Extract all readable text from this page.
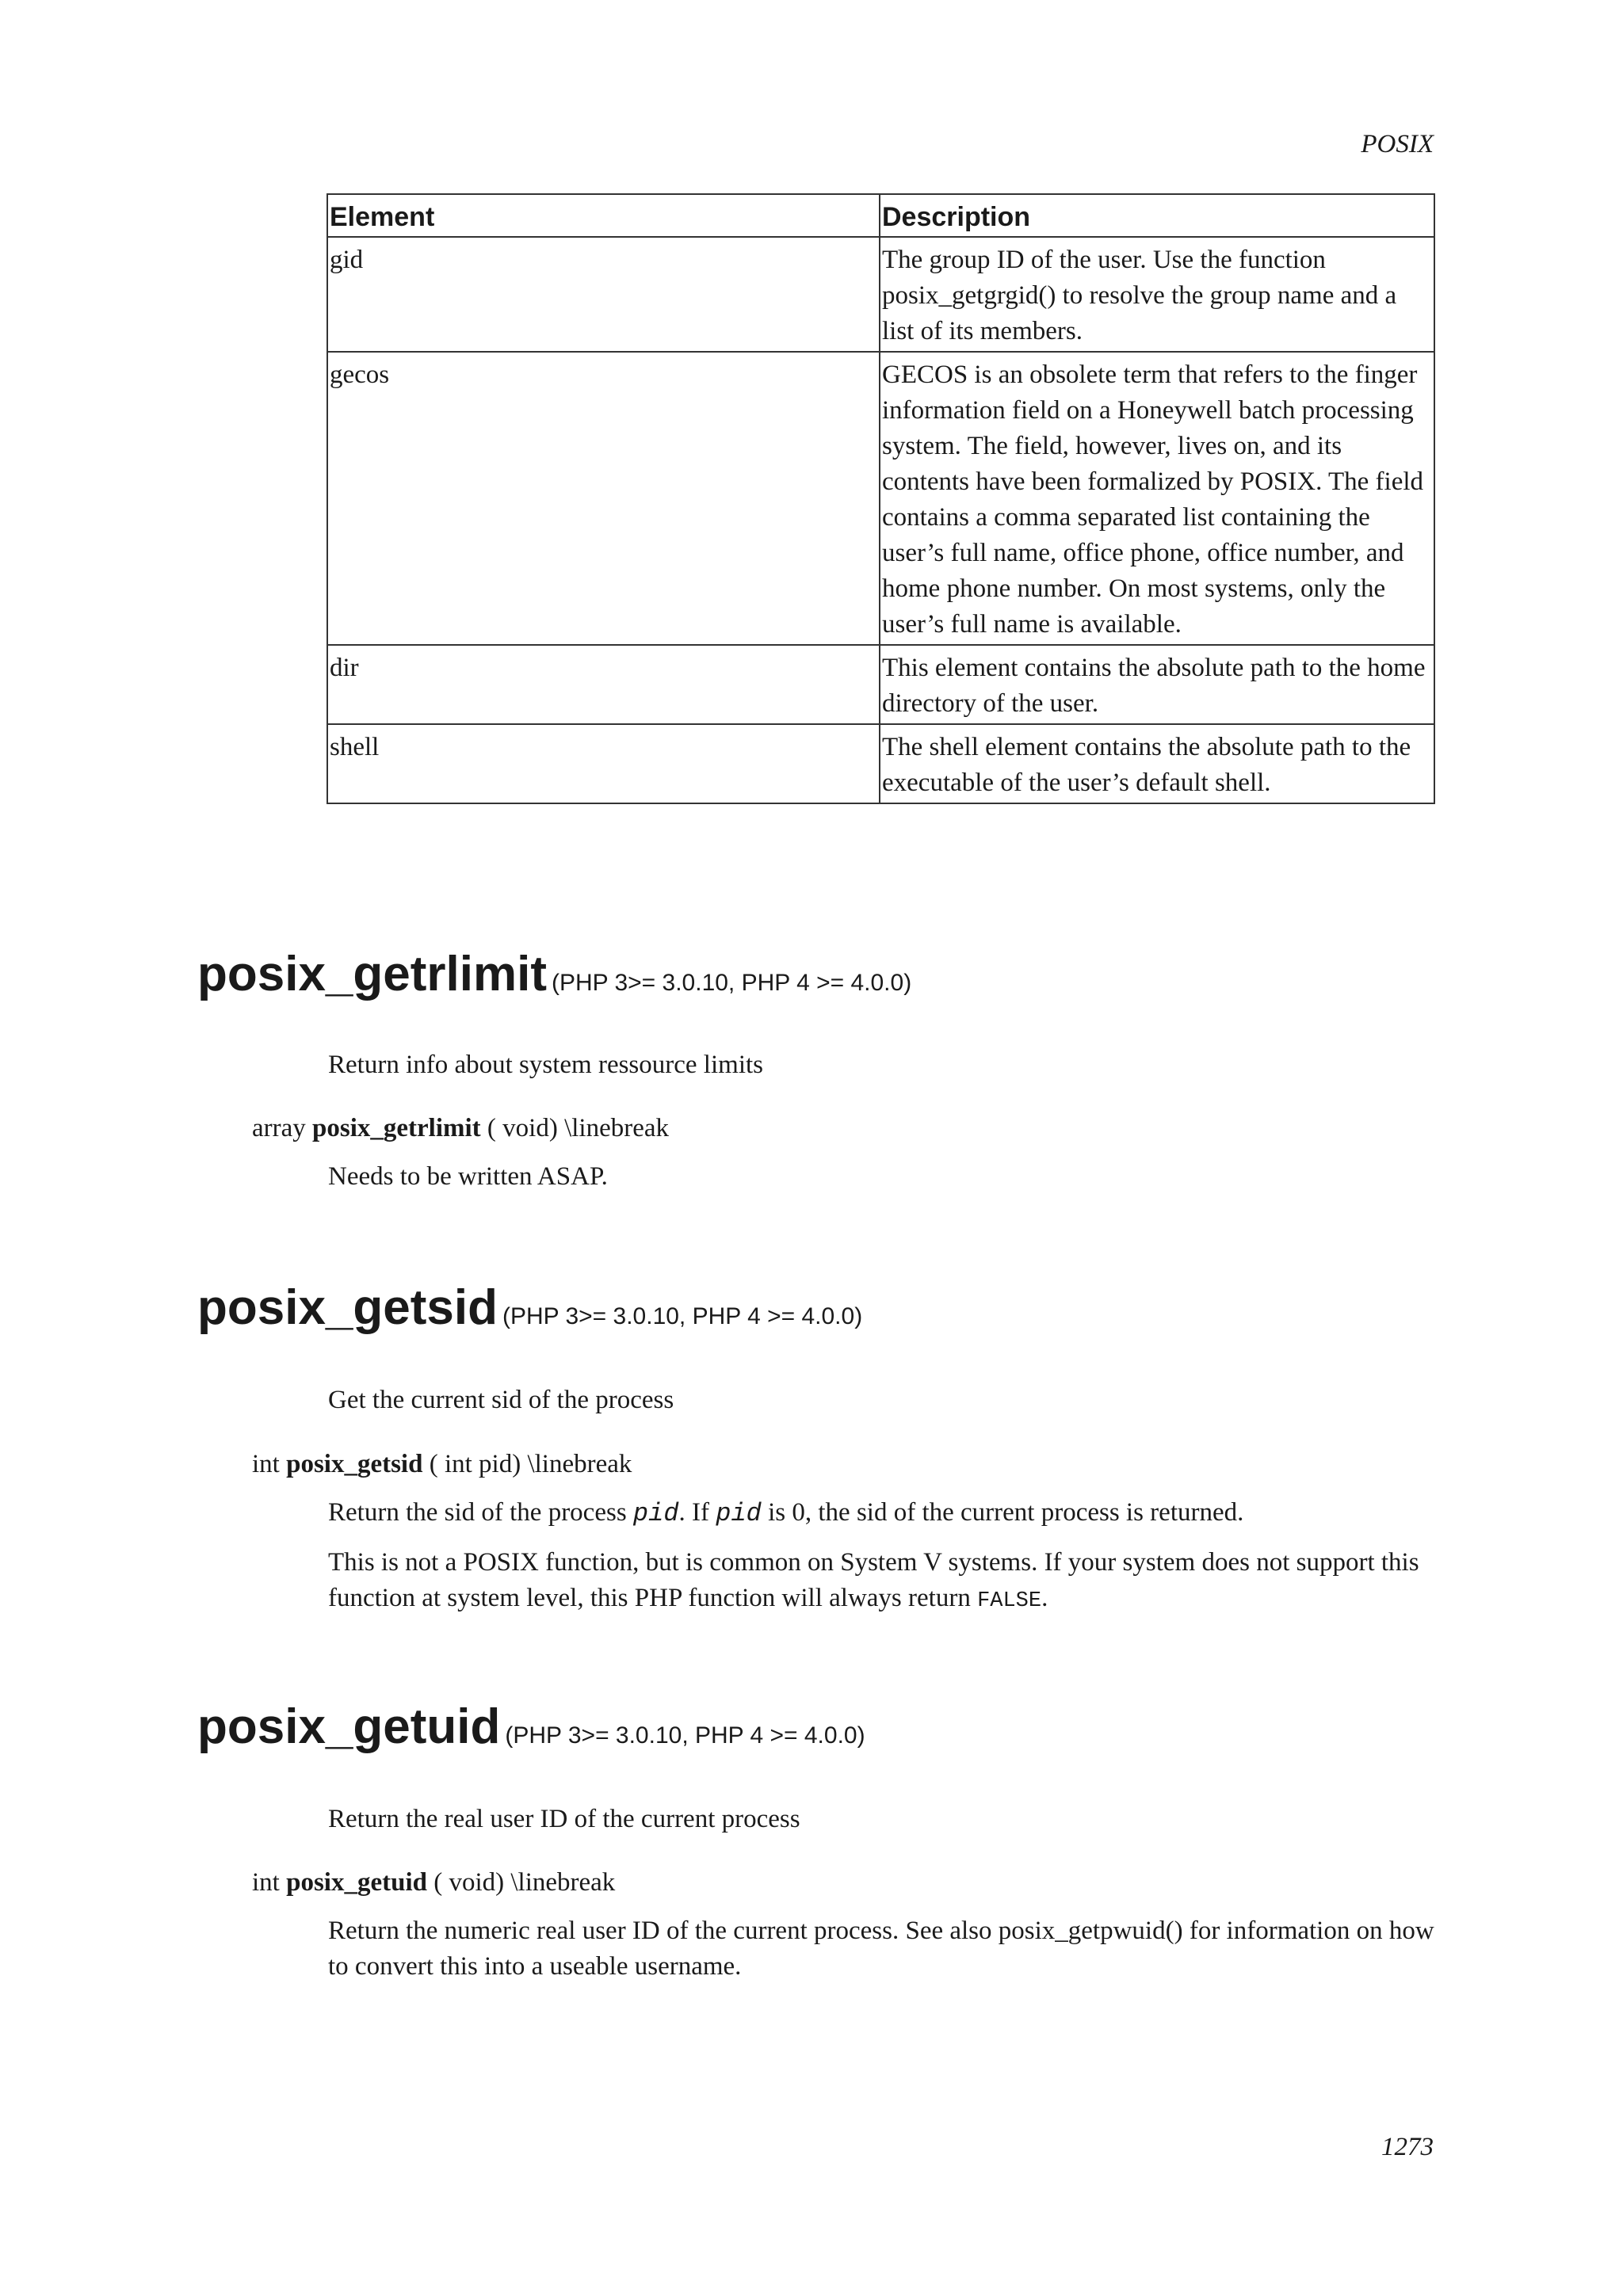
POSIX
Element	Description
gid	The group ID of the user. Use the function posix_getgrgid() to resolve the group name and a list of its members.
gecos	GECOS is an obsolete term that refers to the finger information field on a Honeywell batch processing system. The field, however, lives on, and its contents have been formalized by POSIX. The field contains a comma separated list containing the user’s full name, office phone, office number, and home phone number. On most systems, only the user’s full name is available.
dir	This element contains the absolute path to the home directory of the user.
shell	The shell element contains the absolute path to the executable of the user’s default shell.
posix_getrlimit (PHP 3>= 3.0.10, PHP 4 >= 4.0.0)

Return info about system ressource limits

array posix_getrlimit ( void) \linebreak

Needs to be written ASAP.

posix_getsid (PHP 3>= 3.0.10, PHP 4 >= 4.0.0)

Get the current sid of the process

int posix_getsid ( int pid) \linebreak

Return the sid of the process pid. If pid is 0, the sid of the current process is returned.

This is not a POSIX function, but is common on System V systems. If your system does not support this function at system level, this PHP function will always return FALSE.

posix_getuid (PHP 3>= 3.0.10, PHP 4 >= 4.0.0)

Return the real user ID of the current process

int posix_getuid ( void) \linebreak

Return the numeric real user ID of the current process. See also posix_getpwuid() for information on how to convert this into a useable username.

1273
